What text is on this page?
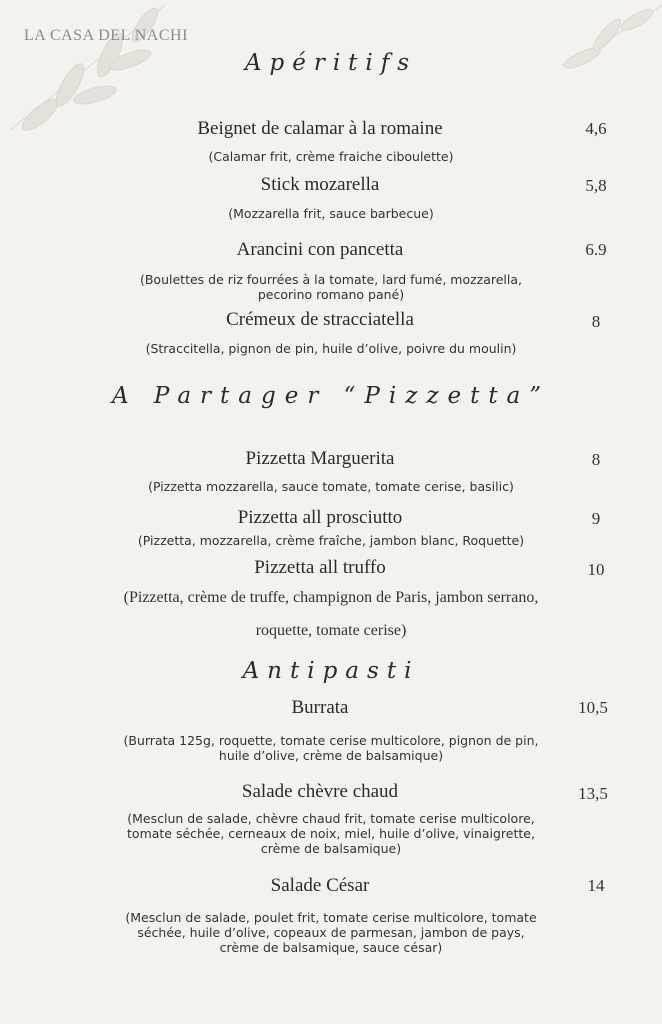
LA CASA DEL NACHI
Apéritifs
Beignet de calamar à la romaine	4,6
(Calamar frit, crème fraiche ciboulette)
Stick mozarella	5,8
(Mozzarella frit, sauce barbecue)
Arancini con pancetta	6.9
(Boulettes de riz fourrées à la tomate, lard fumé, mozzarella,
pecorino romano pané)
Crémeux de stracciatella	8
(Straccitella, pignon de pin, huile d’olive, poivre du moulin)
A Partager “Pizzetta”
Pizzetta Marguerita	8
(Pizzetta mozzarella, sauce tomate, tomate cerise, basilic)
Pizzetta all prosciutto	9
(Pizzetta, mozzarella, crème fraîche, jambon blanc, Roquette)
Pizzetta all truffo	10
(Pizzetta, crème de truffe, champignon de Paris, jambon serrano,
roquette, tomate cerise)
Antipasti
Burrata	10,5
(Burrata 125g, roquette, tomate cerise multicolore, pignon de pin,
huile d’olive, crème de balsamique)
Salade chèvre chaud	13,5
(Mesclun de salade, chèvre chaud frit, tomate cerise multicolore,
tomate séchée, cerneaux de noix, miel, huile d’olive, vinaigrette,
crème de balsamique)
Salade César	14
(Mesclun de salade, poulet frit, tomate cerise multicolore, tomate
séchée, huile d’olive, copeaux de parmesan, jambon de pays,
crème de balsamique, sauce césar)
